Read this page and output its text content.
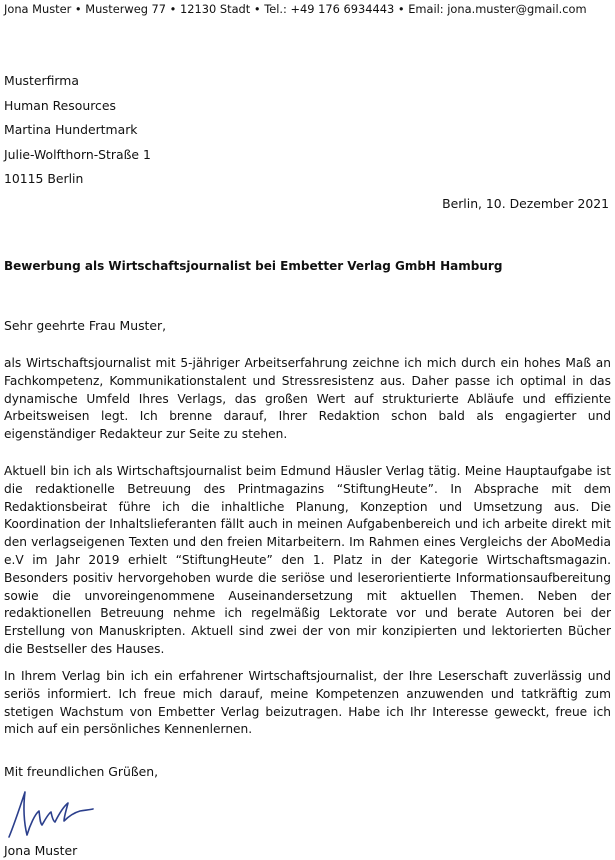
Jona Muster • Musterweg 77 • 12130 Stadt • Tel.: +49 176 6934443 • Email: jona.muster@gmail.com
Musterfirma
Human Resources
Martina Hundertmark
Julie-Wolfthorn-Straße 1
10115 Berlin
Berlin, 10. Dezember 2021
Bewerbung als Wirtschaftsjournalist bei Embetter Verlag GmbH Hamburg
Sehr geehrte Frau Muster,

als Wirtschaftsjournalist mit 5-jähriger Arbeitserfahrung zeichne ich mich durch ein hohes Maß an Fachkompetenz, Kommunikationstalent und Stressresistenz aus. Daher passe ich optimal in das dynamische Umfeld Ihres Verlags, das großen Wert auf strukturierte Abläufe und effiziente Arbeitsweisen legt. Ich brenne darauf, Ihrer Redaktion schon bald als engagierter und eigenständiger Redakteur zur Seite zu stehen.

Aktuell bin ich als Wirtschaftsjournalist beim Edmund Häusler Verlag tätig. Meine Hauptaufgabe ist die redaktionelle Betreuung des Printmagazins “StiftungHeute”. In Absprache mit dem Redaktionsbeirat führe ich die inhaltliche Planung, Konzeption und Umsetzung aus. Die Koordination der Inhaltslieferanten fällt auch in meinen Aufgabenbereich und ich arbeite direkt mit den verlagseigenen Texten und den freien Mitarbeitern. Im Rahmen eines Vergleichs der AboMedia e.V im Jahr 2019 erhielt “StiftungHeute” den 1. Platz in der Kategorie Wirtschaftsmagazin. Besonders positiv hervorgehoben wurde die seriöse und leserorientierte Informationsaufbereitung sowie die unvoreingenommene Auseinandersetzung mit aktuellen Themen. Neben der redaktionellen Betreuung nehme ich regelmäßig Lektorate vor und berate Autoren bei der Erstellung von Manuskripten. Aktuell sind zwei der von mir konzipierten und lektorierten Bücher die Bestseller des Hauses.

In Ihrem Verlag bin ich ein erfahrener Wirtschaftsjournalist, der Ihre Leserschaft zuverlässig und seriös informiert. Ich freue mich darauf, meine Kompetenzen anzuwenden und tatkräftig zum stetigen Wachstum von Embetter Verlag beizutragen. Habe ich Ihr Interesse geweckt, freue ich mich auf ein persönliches Kennenlernen.

Mit freundlichen Grüßen,
Jona Muster
